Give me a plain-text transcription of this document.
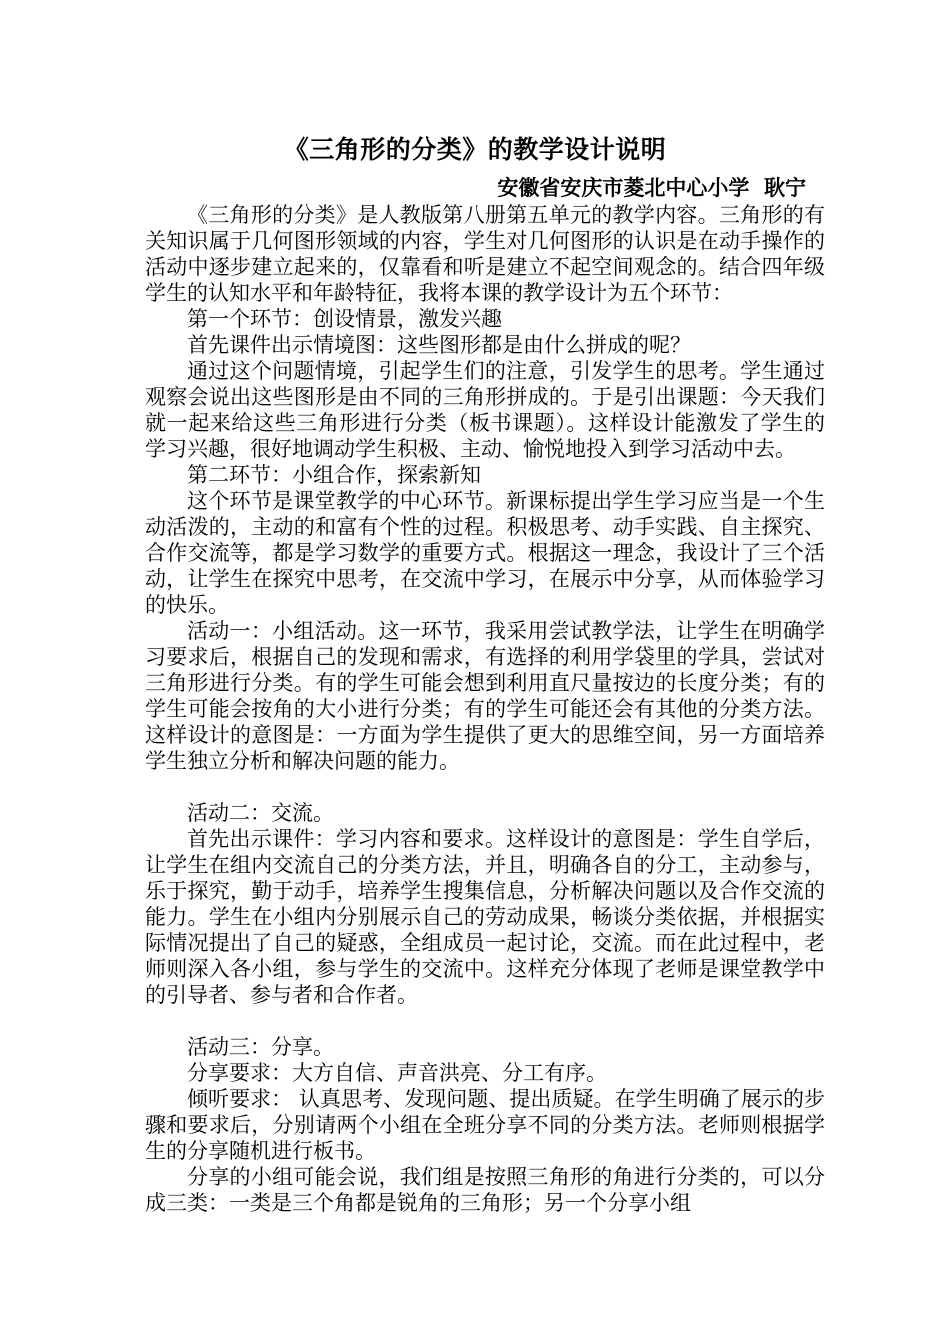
《三角形的分类》的教学设计说明
安徽省安庆市菱北中心小学  耿宁

《三角形的分类》是人教版第八册第五单元的教学内容。三角形的有关知识属于几何图形领域的内容，学生对几何图形的认识是在动手操作的活动中逐步建立起来的，仅靠看和听是建立不起空间观念的。结合四年级学生的认知水平和年龄特征，我将本课的教学设计为五个环节：

第一个环节：创设情景，激发兴趣

首先课件出示情境图：这些图形都是由什么拼成的呢？

通过这个问题情境，引起学生们的注意，引发学生的思考。学生通过观察会说出这些图形是由不同的三角形拼成的。于是引出课题：今天我们就一起来给这些三角形进行分类（板书课题）。这样设计能激发了学生的学习兴趣，很好地调动学生积极、主动、愉悦地投入到学习活动中去。

第二环节：小组合作，探索新知

这个环节是课堂教学的中心环节。新课标提出学生学习应当是一个生动活泼的，主动的和富有个性的过程。积极思考、动手实践、自主探究、合作交流等，都是学习数学的重要方式。根据这一理念，我设计了三个活动，让学生在探究中思考，在交流中学习，在展示中分享，从而体验学习的快乐。

活动一：小组活动。这一环节，我采用尝试教学法，让学生在明确学习要求后，根据自己的发现和需求，有选择的利用学袋里的学具，尝试对三角形进行分类。有的学生可能会想到利用直尺量按边的长度分类；有的学生可能会按角的大小进行分类；有的学生可能还会有其他的分类方法。这样设计的意图是：一方面为学生提供了更大的思维空间，另一方面培养学生独立分析和解决问题的能力。

活动二：交流。

首先出示课件：学习内容和要求。这样设计的意图是：学生自学后，让学生在组内交流自己的分类方法，并且，明确各自的分工，主动参与，乐于探究，勤于动手，培养学生搜集信息，分析解决问题以及合作交流的能力。学生在小组内分别展示自己的劳动成果，畅谈分类依据，并根据实际情况提出了自己的疑惑，全组成员一起讨论，交流。而在此过程中，老师则深入各小组，参与学生的交流中。这样充分体现了老师是课堂教学中的引导者、参与者和合作者。

活动三：分享。

分享要求：大方自信、声音洪亮、分工有序。

倾听要求： 认真思考、发现问题、提出质疑。在学生明确了展示的步骤和要求后，分别请两个小组在全班分享不同的分类方法。老师则根据学生的分享随机进行板书。

分享的小组可能会说，我们组是按照三角形的角进行分类的，可以分成三类：一类是三个角都是锐角的三角形；另一个分享小组
